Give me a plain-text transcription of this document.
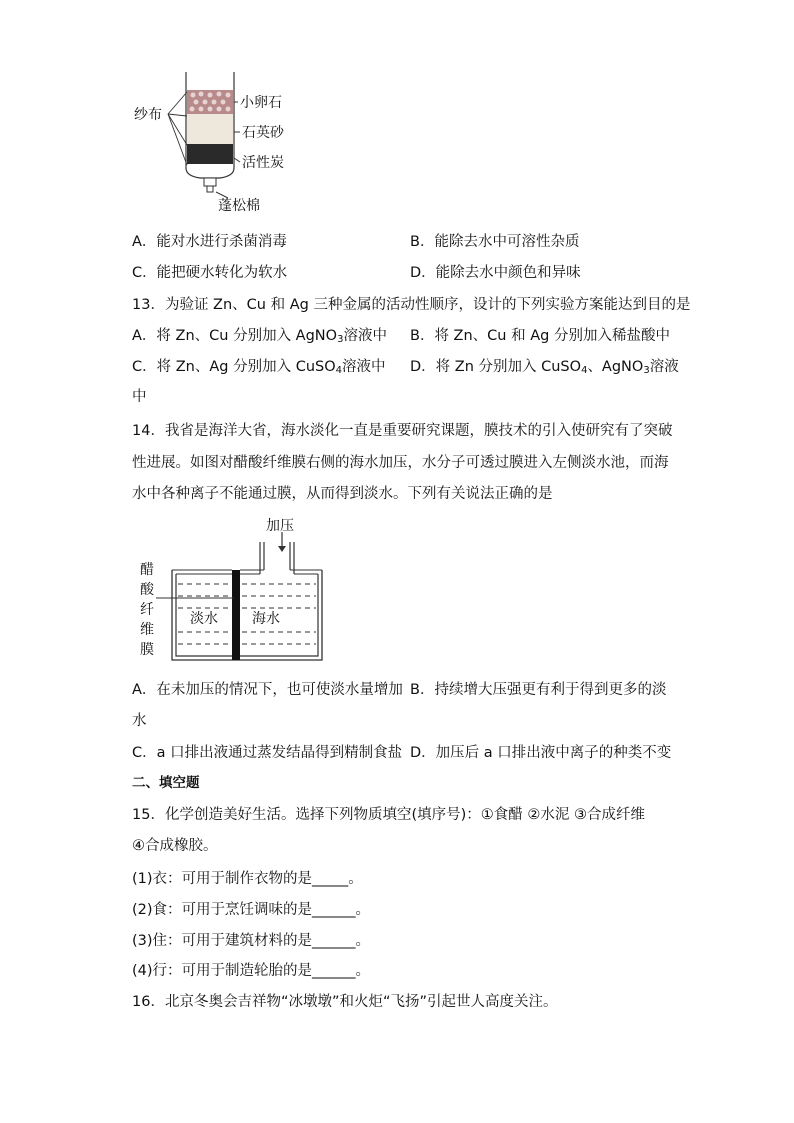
纱布
小卵石
石英砂
活性炭
蓬松棉
A．能对水进行杀菌消毒	B．能除去水中可溶性杂质
C．能把硬水转化为软水	D．能除去水中颜色和异味
13．为验证 Zn、Cu 和 Ag 三种金属的活动性顺序，设计的下列实验方案能达到目的是
A．将 Zn、Cu 分别加入 AgNO$_3$溶液中 B．将 Zn、Cu 和 Ag 分别加入稀盐酸中
C．将 Zn、Ag 分别加入 CuSO$_4$溶液中 D．将 Zn 分别加入 CuSO$_4$、AgNO$_3$溶液
中
14．我省是海洋大省，海水淡化一直是重要研究课题，膜技术的引入使研究有了突破
性进展。如图对醋酸纤维膜右侧的海水加压，水分子可透过膜进入左侧淡水池，而海
水中各种离子不能通过膜，从而得到淡水。下列有关说法正确的是
加压
淡水 海水
醋
酸
纤
维
膜
A．在未加压的情况下，也可使淡水量增加 B．持续增大压强更有利于得到更多的淡
水
C．a 口排出液通过蒸发结晶得到精制食盐 D．加压后 a 口排出液中离子的种类不变
二、填空题
15．化学创造美好生活。选择下列物质填空(填序号)：①食醋 ②水泥 ③合成纤维
④合成橡胶。
(1)衣：可用于制作衣物的是_____。
(2)食：可用于烹饪调味的是______。
(3)住：可用于建筑材料的是______。
(4)行：可用于制造轮胎的是______。
16．北京冬奥会吉祥物“冰墩墩”和火炬“飞扬”引起世人高度关注。
